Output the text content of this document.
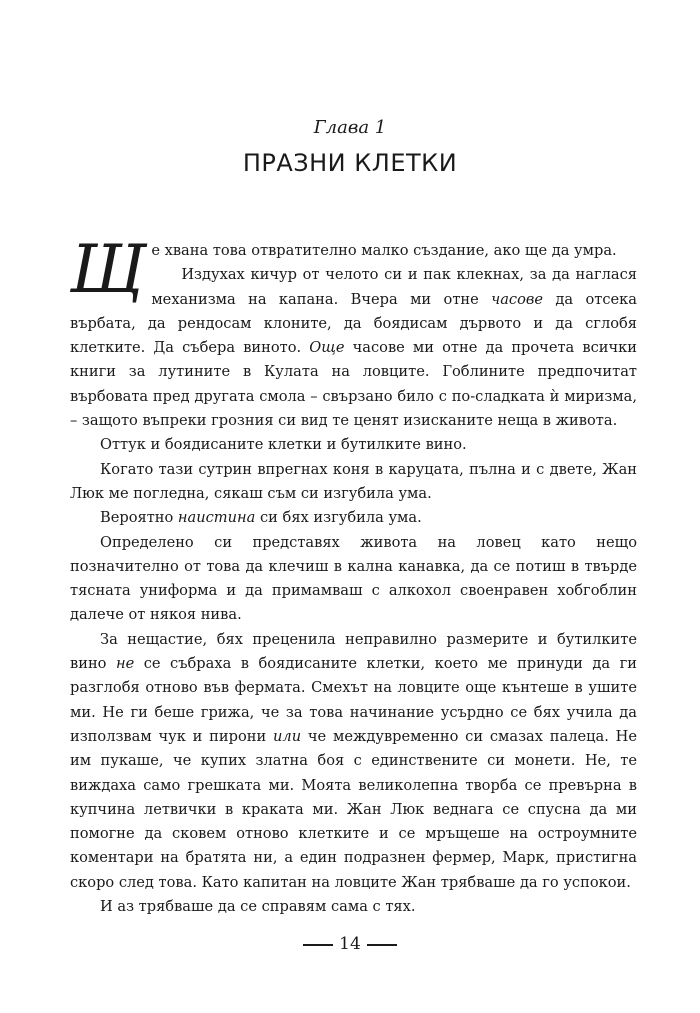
Глава 1
ПРАЗНИ КЛЕТКИ

Ще хвана това отвратително малко създание, ако ще да умра.

Издухах кичур от челото си и пак клекнах, за да наглася механизма на капана. Вчера ми отне часове да отсека върбата, да рендосам клоните, да боядисам дървото и да сглобя клетките. Да събера виното. Още часове ми отне да прочета всички книги за лутините в Кулата на ловците. Гоблините предпочитат върбовата пред другата смола – свързано било с по-сладката ѝ миризма, – защото въпреки грозния си вид те ценят изисканите неща в живота.

Оттук и боядисаните клетки и бутилките вино.

Когато тази сутрин впрегнах коня в каруцата, пълна и с двете, Жан Люк ме погледна, сякаш съм си изгубила ума.

Вероятно наистина си бях изгубила ума.

Определено си представях живота на ловец като нещо позначително от това да клечиш в кална канавка, да се потиш в твърде тясната униформа и да примамваш с алкохол своенравен хобгоблин далече от някоя нива.

За нещастие, бях преценила неправилно размерите и бутилките вино не се събраха в боядисаните клетки, което ме принуди да ги разглобя отново във фермата. Смехът на ловците още кънтеше в ушите ми. Не ги беше грижа, че за това начинание усърдно се бях учила да използвам чук и пирони или че междувременно си смазах палеца. Не им пукаше, че купих златна боя с единствените си монети. Не, те виждаха само грешката ми. Моята великолепна творба се превърна в купчина летвички в краката ми. Жан Люк веднага се спусна да ми помогне да сковем отново клетките и се мръщеше на остроумните коментари на братята ни, а един подразнен фермер, Марк, пристигна скоро след това. Като капитан на ловците Жан трябваше да го успокои.

И аз трябваше да се справям сама с тях.

14
